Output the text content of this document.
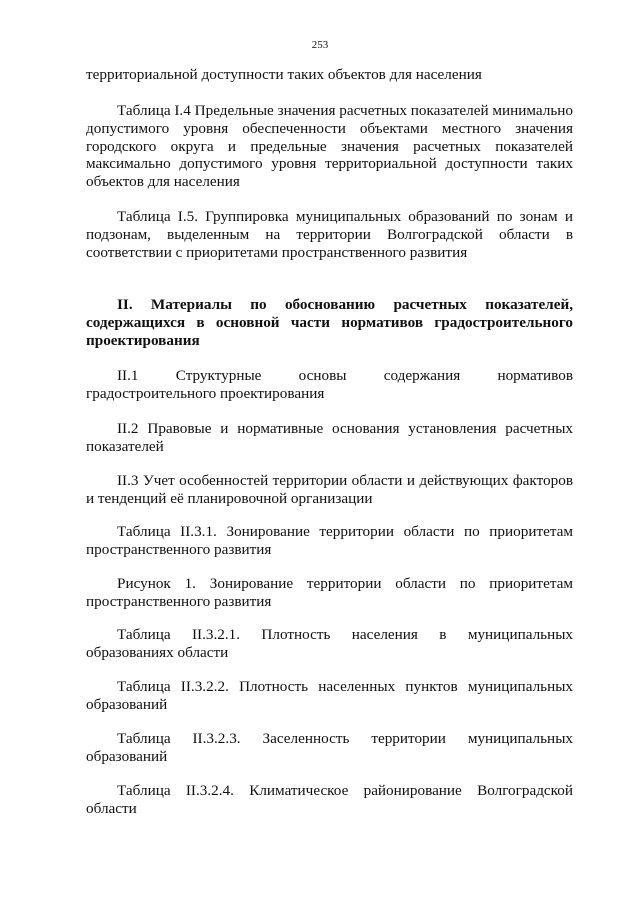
253

территориальной доступности таких объектов для населения

Таблица I.4 Предельные значения расчетных показателей минимально допустимого уровня обеспеченности объектами местного значения городского округа и предельные значения расчетных показателей максимально допустимого уровня территориальной доступности таких объектов для населения

Таблица I.5. Группировка муниципальных образований по зонам и подзонам, выделенным на территории Волгоградской области в соответствии с приоритетами пространственного развития

II. Материалы по обоснованию расчетных показателей, содержащихся в основной части нормативов градостроительного проектирования

II.1 Структурные основы содержания нормативов градостроительного проектирования

II.2 Правовые и нормативные основания установления расчетных показателей

II.3 Учет особенностей территории области и действующих факторов и тенденций её планировочной организации

Таблица II.3.1. Зонирование территории области по приоритетам пространственного развития

Рисунок 1. Зонирование территории области по приоритетам пространственного развития

Таблица II.3.2.1. Плотность населения в муниципальных образованиях области

Таблица II.3.2.2. Плотность населенных пунктов муниципальных образований

Таблица II.3.2.3. Заселенность территории муниципальных образований

Таблица II.3.2.4. Климатическое районирование Волгоградской области
